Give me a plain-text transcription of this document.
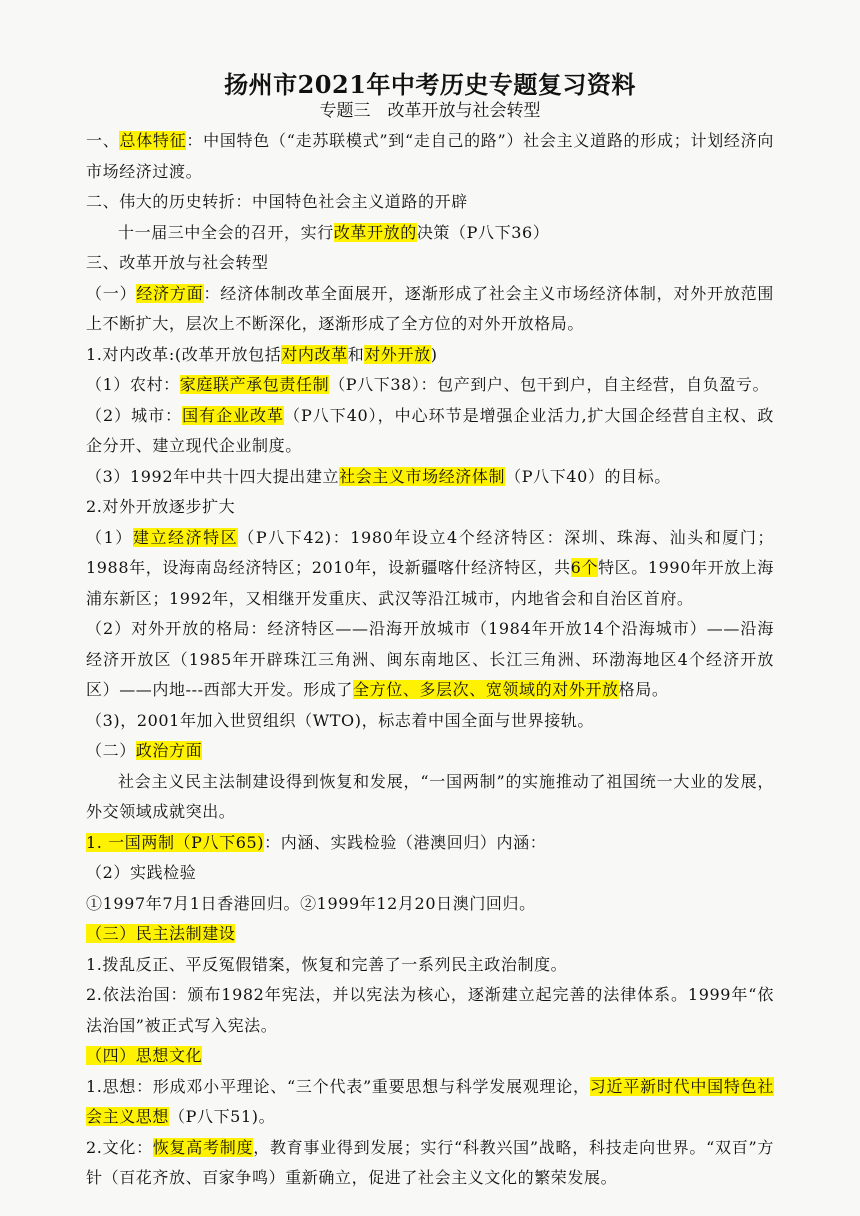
扬州市2021年中考历史专题复习资料
专题三　改革开放与社会转型

一、总体特征：中国特色（“走苏联模式”到“走自己的路”）社会主义道路的形成；计划经济向市场经济过渡。

二、伟大的历史转折：中国特色社会主义道路的开辟

十一届三中全会的召开，实行改革开放的决策（P八下36）

三、改革开放与社会转型

（一）经济方面：经济体制改革全面展开，逐渐形成了社会主义市场经济体制，对外开放范围上不断扩大，层次上不断深化，逐渐形成了全方位的对外开放格局。

1.对内改革:(改革开放包括对内改革和对外开放)

（1）农村：家庭联产承包责任制（P八下38）：包产到户、包干到户，自主经营，自负盈亏。

（2）城市：国有企业改革（P八下40），中心环节是增强企业活力,扩大国企经营自主权、政企分开、建立现代企业制度。

（3）1992年中共十四大提出建立社会主义市场经济体制（P八下40）的目标。

2.对外开放逐步扩大

（1）建立经济特区（P八下42)：1980年设立4个经济特区：深圳、珠海、汕头和厦门；1988年，设海南岛经济特区；2010年，设新疆喀什经济特区，共6个特区。1990年开放上海浦东新区；1992年，又相继开发重庆、武汉等沿江城市，内地省会和自治区首府。

（2）对外开放的格局：经济特区——沿海开放城市（1984年开放14个沿海城市）——沿海经济开放区（1985年开辟珠江三角洲、闽东南地区、长江三角洲、环渤海地区4个经济开放区）——内地---西部大开发。形成了全方位、多层次、宽领域的对外开放格局。

（3)，2001年加入世贸组织（WTO)，标志着中国全面与世界接轨。

（二）政治方面

社会主义民主法制建设得到恢复和发展，“一国两制”的实施推动了祖国统一大业的发展，外交领域成就突出。

1. 一国两制（P八下65)：内涵、实践检验（港澳回归）内涵：

（2）实践检验

①1997年7月1日香港回归。②1999年12月20日澳门回归。

（三）民主法制建设

1.拨乱反正、平反冤假错案，恢复和完善了一系列民主政治制度。

2.依法治国：颁布1982年宪法，并以宪法为核心，逐渐建立起完善的法律体系。1999年“依法治国”被正式写入宪法。

（四）思想文化

1.思想：形成邓小平理论、“三个代表”重要思想与科学发展观理论，习近平新时代中国特色社会主义思想（P八下51)。

2.文化：恢复高考制度，教育事业得到发展；实行“科教兴国”战略，科技走向世界。“双百”方针（百花齐放、百家争鸣）重新确立，促进了社会主义文化的繁荣发展。
